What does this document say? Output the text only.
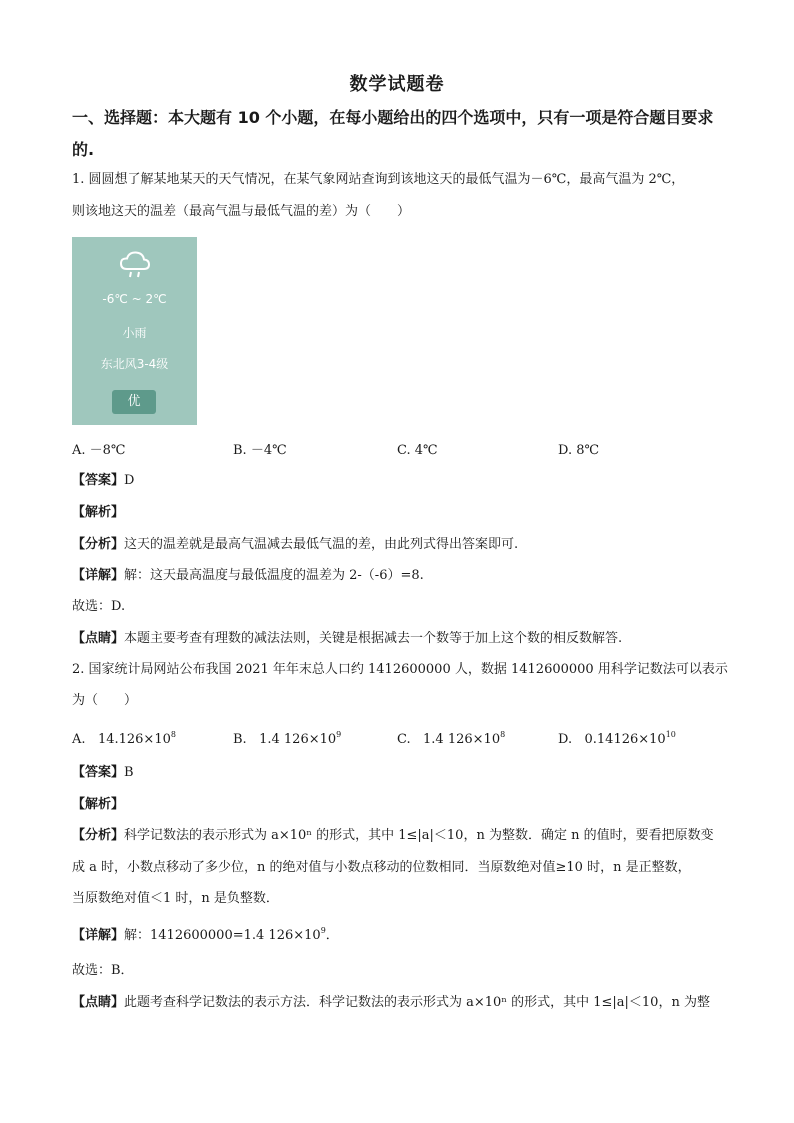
数学试题卷
一、选择题：本大题有 10 个小题，在每小题给出的四个选项中，只有一项是符合题目要求
的.
1. 圆圆想了解某地某天的天气情况，在某气象网站查询到该地这天的最低气温为－6℃，最高气温为 2℃，
则该地这天的温差（最高气温与最低气温的差）为（　　）
-6℃ ~ 2℃
小雨
东北风3-4级
优
A. －8℃	B. －4℃	C. 4℃	D. 8℃
【答案】D
【解析】
【分析】这天的温差就是最高气温减去最低气温的差，由此列式得出答案即可.
【详解】解：这天最高温度与最低温度的温差为 2-（-6）=8.
故选：D.
【点睛】本题主要考查有理数的减法法则，关键是根据减去一个数等于加上这个数的相反数解答.
2. 国家统计局网站公布我国 2021 年年末总人口约 1412600000 人，数据 1412600000 用科学记数法可以表示
为（　　）
A. $14.126\times 10^8$	B. 1.4 $126\times 10^9$	C. 1.4 $126\times 10^8$	D. $0.14126\times 10^{10}$
【答案】B
【解析】
【分析】科学记数法的表示形式为 a×10ⁿ 的形式，其中 1≤|a|＜10，n 为整数．确定 n 的值时，要看把原数变
成 a 时，小数点移动了多少位，n 的绝对值与小数点移动的位数相同．当原数绝对值≥10 时，n 是正整数，
当原数绝对值＜1 时，n 是负整数．
【详解】解：1412600000=1.4 $126\times 10^9$．
故选：B．
【点睛】此题考查科学记数法的表示方法．科学记数法的表示形式为 a×10ⁿ 的形式，其中 1≤|a|＜10，n 为整
